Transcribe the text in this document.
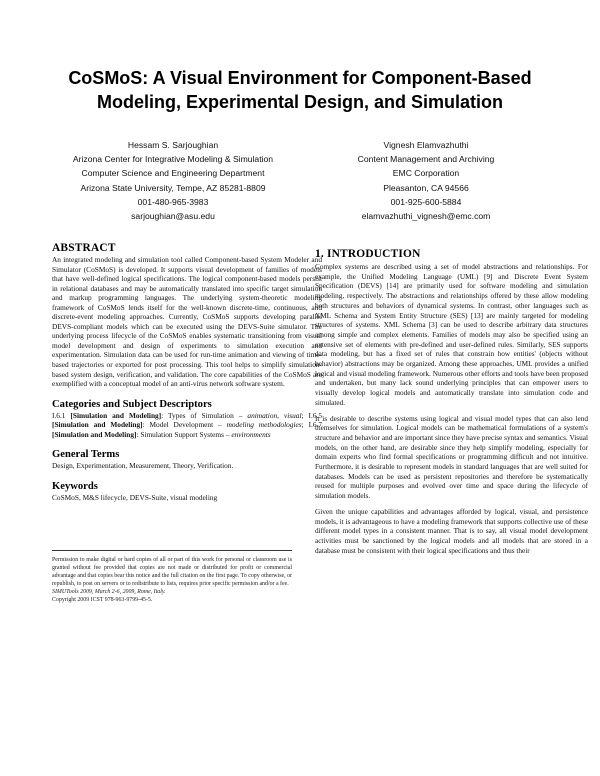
CoSMoS: A Visual Environment for Component-Based
Modeling, Experimental Design, and Simulation
Hessam S. Sarjoughian
Arizona Center for Integrative Modeling & Simulation
Computer Science and Engineering Department
Arizona State University, Tempe, AZ 85281-8809
001-480-965-3983
sarjoughian@asu.edu
Vignesh Elamvazhuthi
Content Management and Archiving
EMC Corporation
Pleasanton, CA 94566
001-925-600-5884
elamvazhuthi_vignesh@emc.com
ABSTRACT

An integrated modeling and simulation tool called Component-based System Modeler and Simulator (CoSMoS) is developed. It supports visual development of families of models that have well-defined logical specifications. The logical component-based models persist in relational databases and may be automatically translated into specific target simulation and markup programming languages. The underlying system-theoretic modeling framework of CoSMoS lends itself for the well-known discrete-time, continuous, and discrete-event modeling approaches. Currently, CoSMoS supports developing parallel DEVS-compliant models which can be executed using the DEVS-Suite simulator. The underlying process lifecycle of the CoSMoS enables systematic transitioning from visual model development and design of experiments to simulation execution and experimentation. Simulation data can be used for run-time animation and viewing of time-based trajectories or exported for post processing. This tool helps to simplify simulation-based system design, verification, and validation. The core capabilities of the CoSMoS are exemplified with a conceptual model of an anti-virus network software system.

Categories and Subject Descriptors

I.6.1 [Simulation and Modeling]: Types of Simulation – animation, visual; I.6.5 [Simulation and Modeling]: Model Development – modeling methodologies; I.6.7 [Simulation and Modeling]: Simulation Support Systems – environments

General Terms

Design, Experimentation, Measurement, Theory, Verification.

Keywords

CoSMoS, M&S lifecycle, DEVS-Suite, visual modeling

Permission to make digital or hard copies of all or part of this work for personal or classroom use is granted without fee provided that copies are not made or distributed for profit or commercial advantage and that copies bear this notice and the full citation on the first page. To copy otherwise, or republish, to post on servers or to redistribute to lists, requires prior specific permission and/or a fee.
SIMUTools 2009, March 2-6, 2009, Rome, Italy.
Copyright 2009 ICST 978-963-9799-45-5.
1. INTRODUCTION

Complex systems are described using a set of model abstractions and relationships. For example, the Unified Modeling Language (UML) [9] and Discrete Event System Specification (DEVS) [14] are primarily used for software modeling and simulation modeling, respectively. The abstractions and relationships offered by these allow modeling both structures and behaviors of dynamical systems. In contrast, other languages such as XML Schema and System Entity Structure (SES) [13] are mainly targeted for modeling structures of systems. XML Schema [3] can be used to describe arbitrary data structures among simple and complex elements. Families of models may also be specified using an extensive set of elements with pre-defined and user-defined rules. Similarly, SES supports data modeling, but has a fixed set of rules that constrain how entities' (objects without behavior) abstractions may be organized. Among these approaches, UML provides a unified logical and visual modeling framework. Numerous other efforts and tools have been proposed and undertaken, but many lack sound underlying principles that can empower users to visually develop logical models and automatically translate into simulation code and simulated.

It is desirable to describe systems using logical and visual model types that can also lend themselves for simulation. Logical models can be mathematical formulations of a system's structure and behavior and are important since they have precise syntax and semantics. Visual models, on the other hand, are desirable since they help simplify modeling, especially for domain experts who find formal specifications or programming difficult and not intuitive. Furthermore, it is desirable to represent models in standard languages that are well suited for databases. Models can be used as persistent repositories and therefore be systematically reused for multiple purposes and evolved over time and space during the lifecycle of simulation models.

Given the unique capabilities and advantages afforded by logical, visual, and persistence models, it is advantageous to have a modeling framework that supports collective use of these different model types in a consistent manner. That is to say, all visual model development activities must be sanctioned by the logical models and all models that are stored in a database must be consistent with their logical specifications and thus their
